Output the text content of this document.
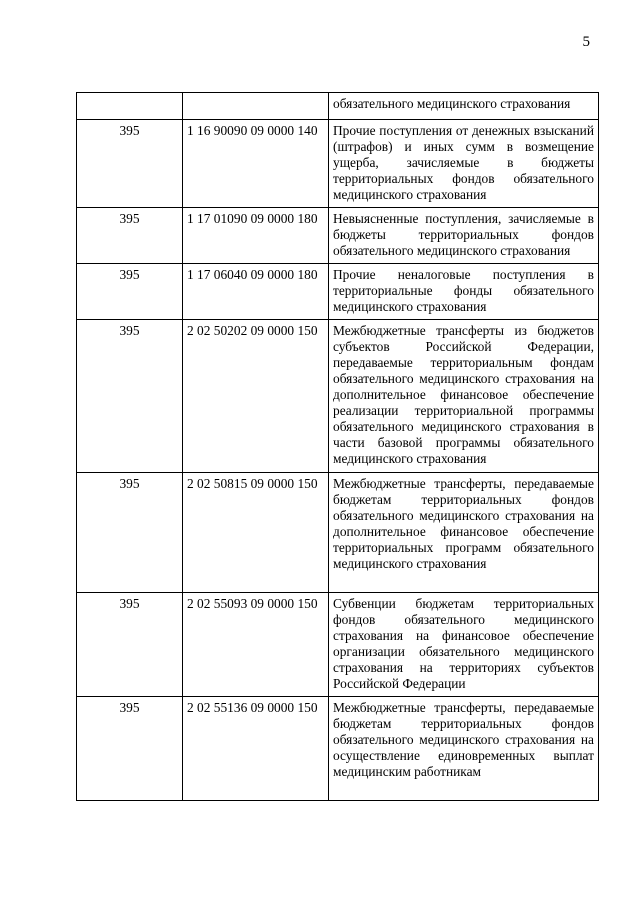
5

		обязательного медицинского страхования

395	1 16 90090 09 0000 140	Прочие поступления от денежных взысканий (штрафов) и иных сумм в возмещение ущерба, зачисляемые в бюджеты территориальных фондов обязательного медицинского страхования

395	1 17 01090 09 0000 180	Невыясненные поступления, зачисляемые в бюджеты территориальных фондов обязательного медицинского страхования

395	1 17 06040 09 0000 180	Прочие неналоговые поступления в территориальные фонды обязательного медицинского страхования

395	2 02 50202 09 0000 150	Межбюджетные трансферты из бюджетов субъектов Российской Федерации, передаваемые территориальным фондам обязательного медицинского страхования на дополнительное финансовое обеспечение реализации территориальной программы обязательного медицинского страхования в части базовой программы обязательного медицинского страхования

395	2 02 50815 09 0000 150	Межбюджетные трансферты, передаваемые бюджетам территориальных фондов обязательного медицинского страхования на дополнительное финансовое обеспечение территориальных программ обязательного медицинского страхования

395	2 02 55093 09 0000 150	Субвенции бюджетам территориальных фондов обязательного медицинского страхования на финансовое обеспечение организации обязательного медицинского страхования на территориях субъектов Российской Федерации

395	2 02 55136 09 0000 150	Межбюджетные трансферты, передаваемые бюджетам территориальных фондов обязательного медицинского страхования на осуществление единовременных выплат медицинским работникам
